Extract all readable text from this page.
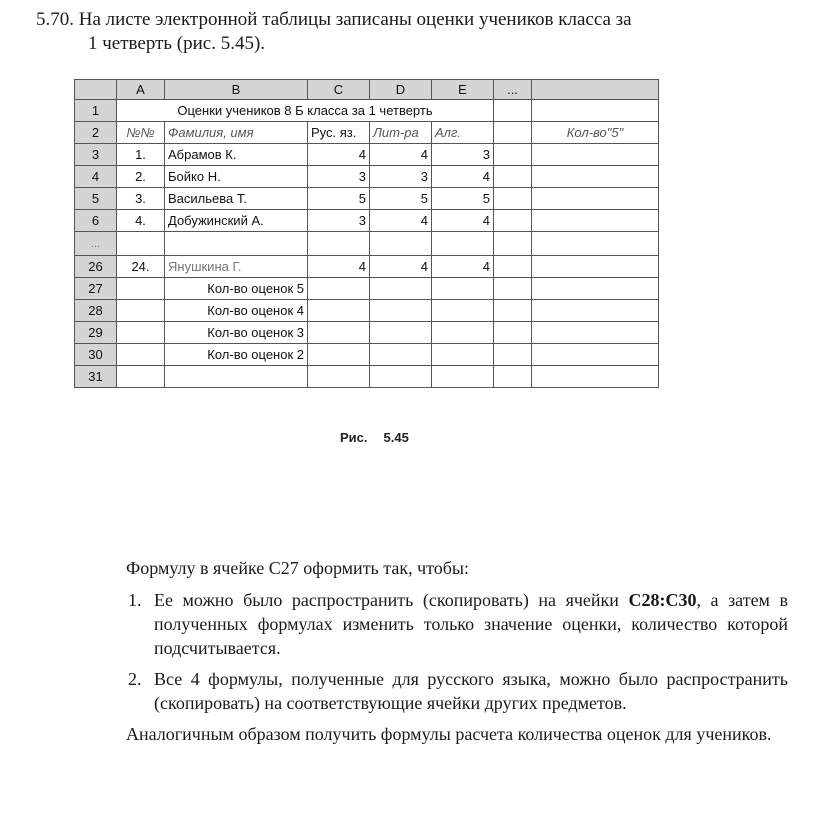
5.70. На листе электронной таблицы записаны оценки учеников класса за
1 четверть (рис. 5.45).
	A	B	C	D	E	...	
1	Оценки учеников 8 Б класса за 1 четверть						
2	№№	Фамилия, имя	Рус. яз.	Лит-ра	Алг.		Кол-во"5"
3	1.	Абрамов К.	4	4	3		
4	2.	Бойко Н.	3	3	4		
5	3.	Васильева Т.	5	5	5		
6	4.	Добужинский А.	3	4	4		
...							
26	24.	Янушкина Г.	4	4	4		
27		Кол-во оценок 5					
28		Кол-во оценок 4					
29		Кол-во оценок 3					
30		Кол-во оценок 2					
31							
Рис. 5.45

Формулу в ячейке С27 оформить так, чтобы:

1. Ее можно было распространить (скопировать) на ячейки С28:С30, а затем в полученных формулах изменить только значение оценки, количество которой подсчитывается.
2. Все 4 формулы, полученные для русского языка, можно было распространить (скопировать) на соответствующие ячейки других предметов.

Аналогичным образом получить формулы расчета количества оценок для учеников.
